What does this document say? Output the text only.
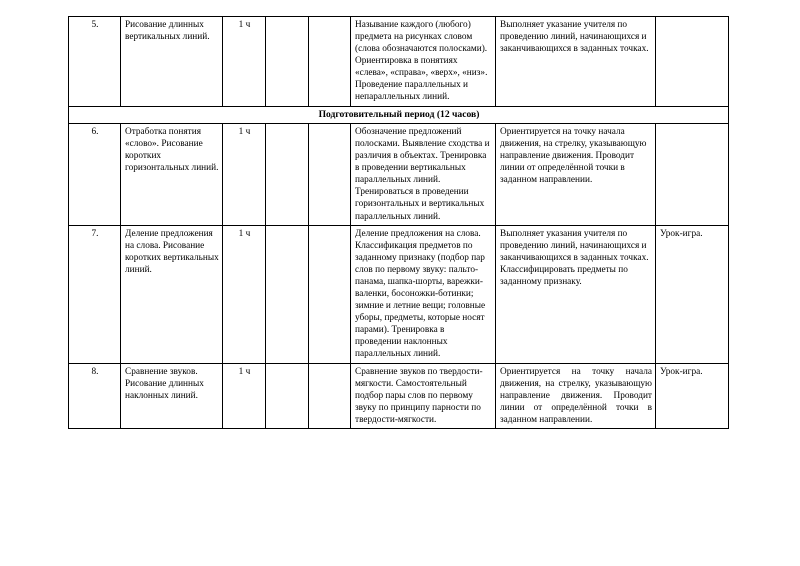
5.	Рисование длинных вертикальных линий.	1 ч			Называние каждого (любого) предмета на рисунках словом (слова обозначаются полосками). Ориентировка в понятиях «слева», «справа», «верх», «низ». Проведение параллельных и непараллельных линий.	Выполняет указание учителя по проведению линий, начинающихся и заканчивающихся в заданных точках.	
Подготовительный период (12 часов)							
6.	Отработка понятия «слово». Рисование коротких горизонтальных линий.	1 ч			Обозначение предложений полосками. Выявление сходства и различия в объектах. Тренировка в проведении вертикальных параллельных линий. Тренироваться в проведении горизонтальных и вертикальных параллельных линий.	Ориентируется на точку начала движения, на стрелку, указывающую направление движения. Проводит линии от определённой точки в заданном направлении.	
7.	Деление предложения на слова. Рисование коротких вертикальных линий.	1 ч			Деление предложения на слова. Классификация предметов по заданному признаку (подбор пар слов по первому звуку: пальто-панама, шапка-шорты, варежки-валенки, босоножки-ботинки; зимние и летние вещи; головные уборы, предметы, которые носят парами). Тренировка в проведении наклонных параллельных линий.	Выполняет указания учителя по проведению линий, начинающихся и заканчивающихся в заданных точках. Классифицировать предметы по заданному признаку.	Урок-игра.
8.	Сравнение звуков. Рисование длинных наклонных линий.	1 ч			Сравнение звуков по твердости-мягкости. Самостоятельный подбор пары слов по первому звуку по принципу парности по твердости-мягкости.	Ориентируется на точку начала движения, на стрелку, указывающую направление движения. Проводит линии от определённой точки в заданном направлении.	Урок-игра.
